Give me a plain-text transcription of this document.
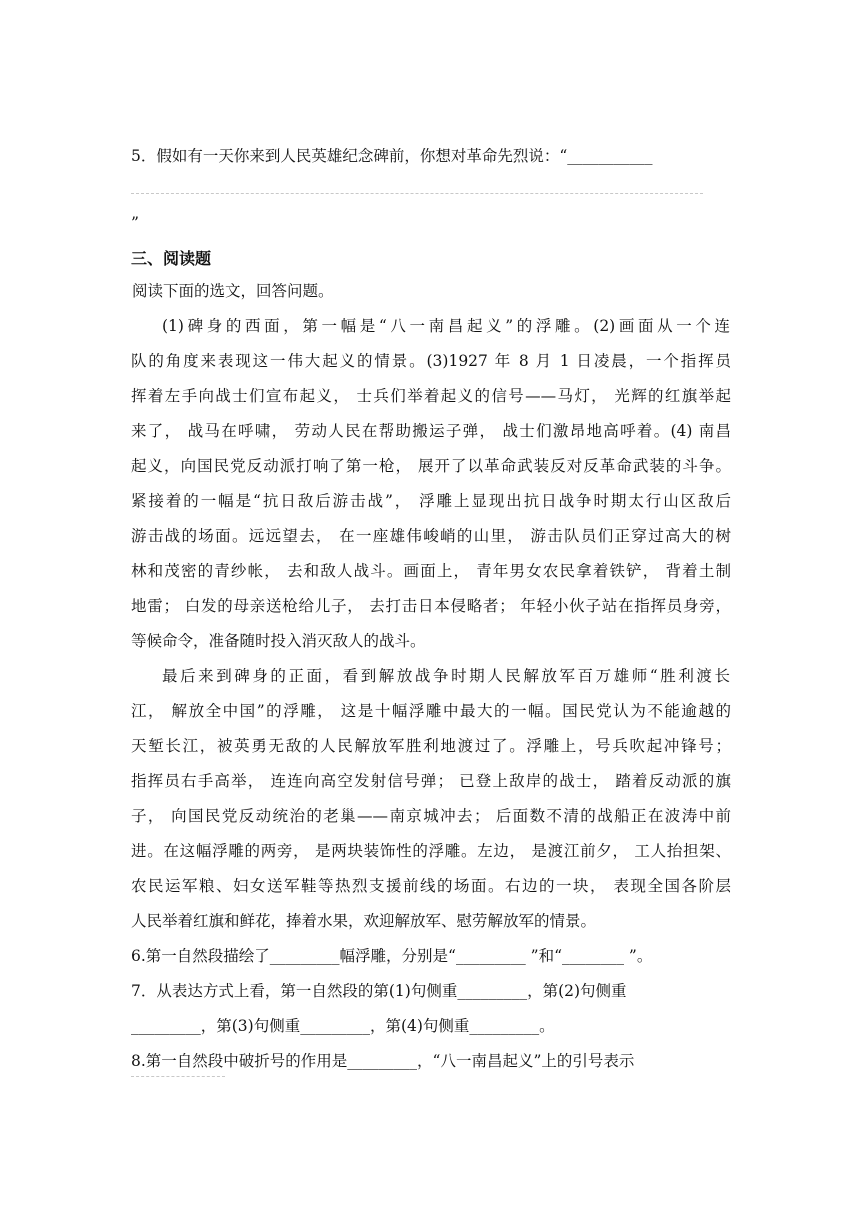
5．假如有一天你来到人民英雄纪念碑前，你想对革命先烈说：“___________
”
三、阅读题
阅读下面的选文，回答问题。
(1)碑身的西面，第一幅是“八一南昌起义”的浮雕。(2)画面从一个连
队的角度来表现这一伟大起义的情景。(3)1927 年 8 月 1 日凌晨，一个指挥员
挥着左手向战士们宣布起义， 士兵们举着起义的信号——马灯， 光辉的红旗举起
来了， 战马在呼啸， 劳动人民在帮助搬运子弹， 战士们激昂地高呼着。(4) 南昌
起义，向国民党反动派打响了第一枪， 展开了以革命武装反对反革命武装的斗争。
紧接着的一幅是“抗日敌后游击战”， 浮雕上显现出抗日战争时期太行山区敌后
游击战的场面。远远望去， 在一座雄伟峻峭的山里， 游击队员们正穿过高大的树
林和茂密的青纱帐， 去和敌人战斗。画面上， 青年男女农民拿着铁铲， 背着土制
地雷； 白发的母亲送枪给儿子， 去打击日本侵略者； 年轻小伙子站在指挥员身旁，
等候命令，准备随时投入消灭敌人的战斗。
最后来到碑身的正面，看到解放战争时期人民解放军百万雄师“胜利渡长
江， 解放全中国”的浮雕， 这是十幅浮雕中最大的一幅。国民党认为不能逾越的
天堑长江，被英勇无敌的人民解放军胜利地渡过了。浮雕上，号兵吹起冲锋号；
指挥员右手高举， 连连向高空发射信号弹； 已登上敌岸的战士， 踏着反动派的旗
子， 向国民党反动统治的老巢——南京城冲去； 后面数不清的战船正在波涛中前
进。在这幅浮雕的两旁， 是两块装饰性的浮雕。左边， 是渡江前夕， 工人抬担架、
农民运军粮、妇女送军鞋等热烈支援前线的场面。右边的一块， 表现全国各阶层
人民举着红旗和鲜花，捧着水果，欢迎解放军、慰劳解放军的情景。
6.第一自然段描绘了_________幅浮雕，分别是“_________ ”和“________ ”。
7．从表达方式上看，第一自然段的第(1)句侧重_________，第(2)句侧重
_________，第(3)句侧重_________，第(4)句侧重_________。
8.第一自然段中破折号的作用是_________，“八一南昌起义”上的引号表示
